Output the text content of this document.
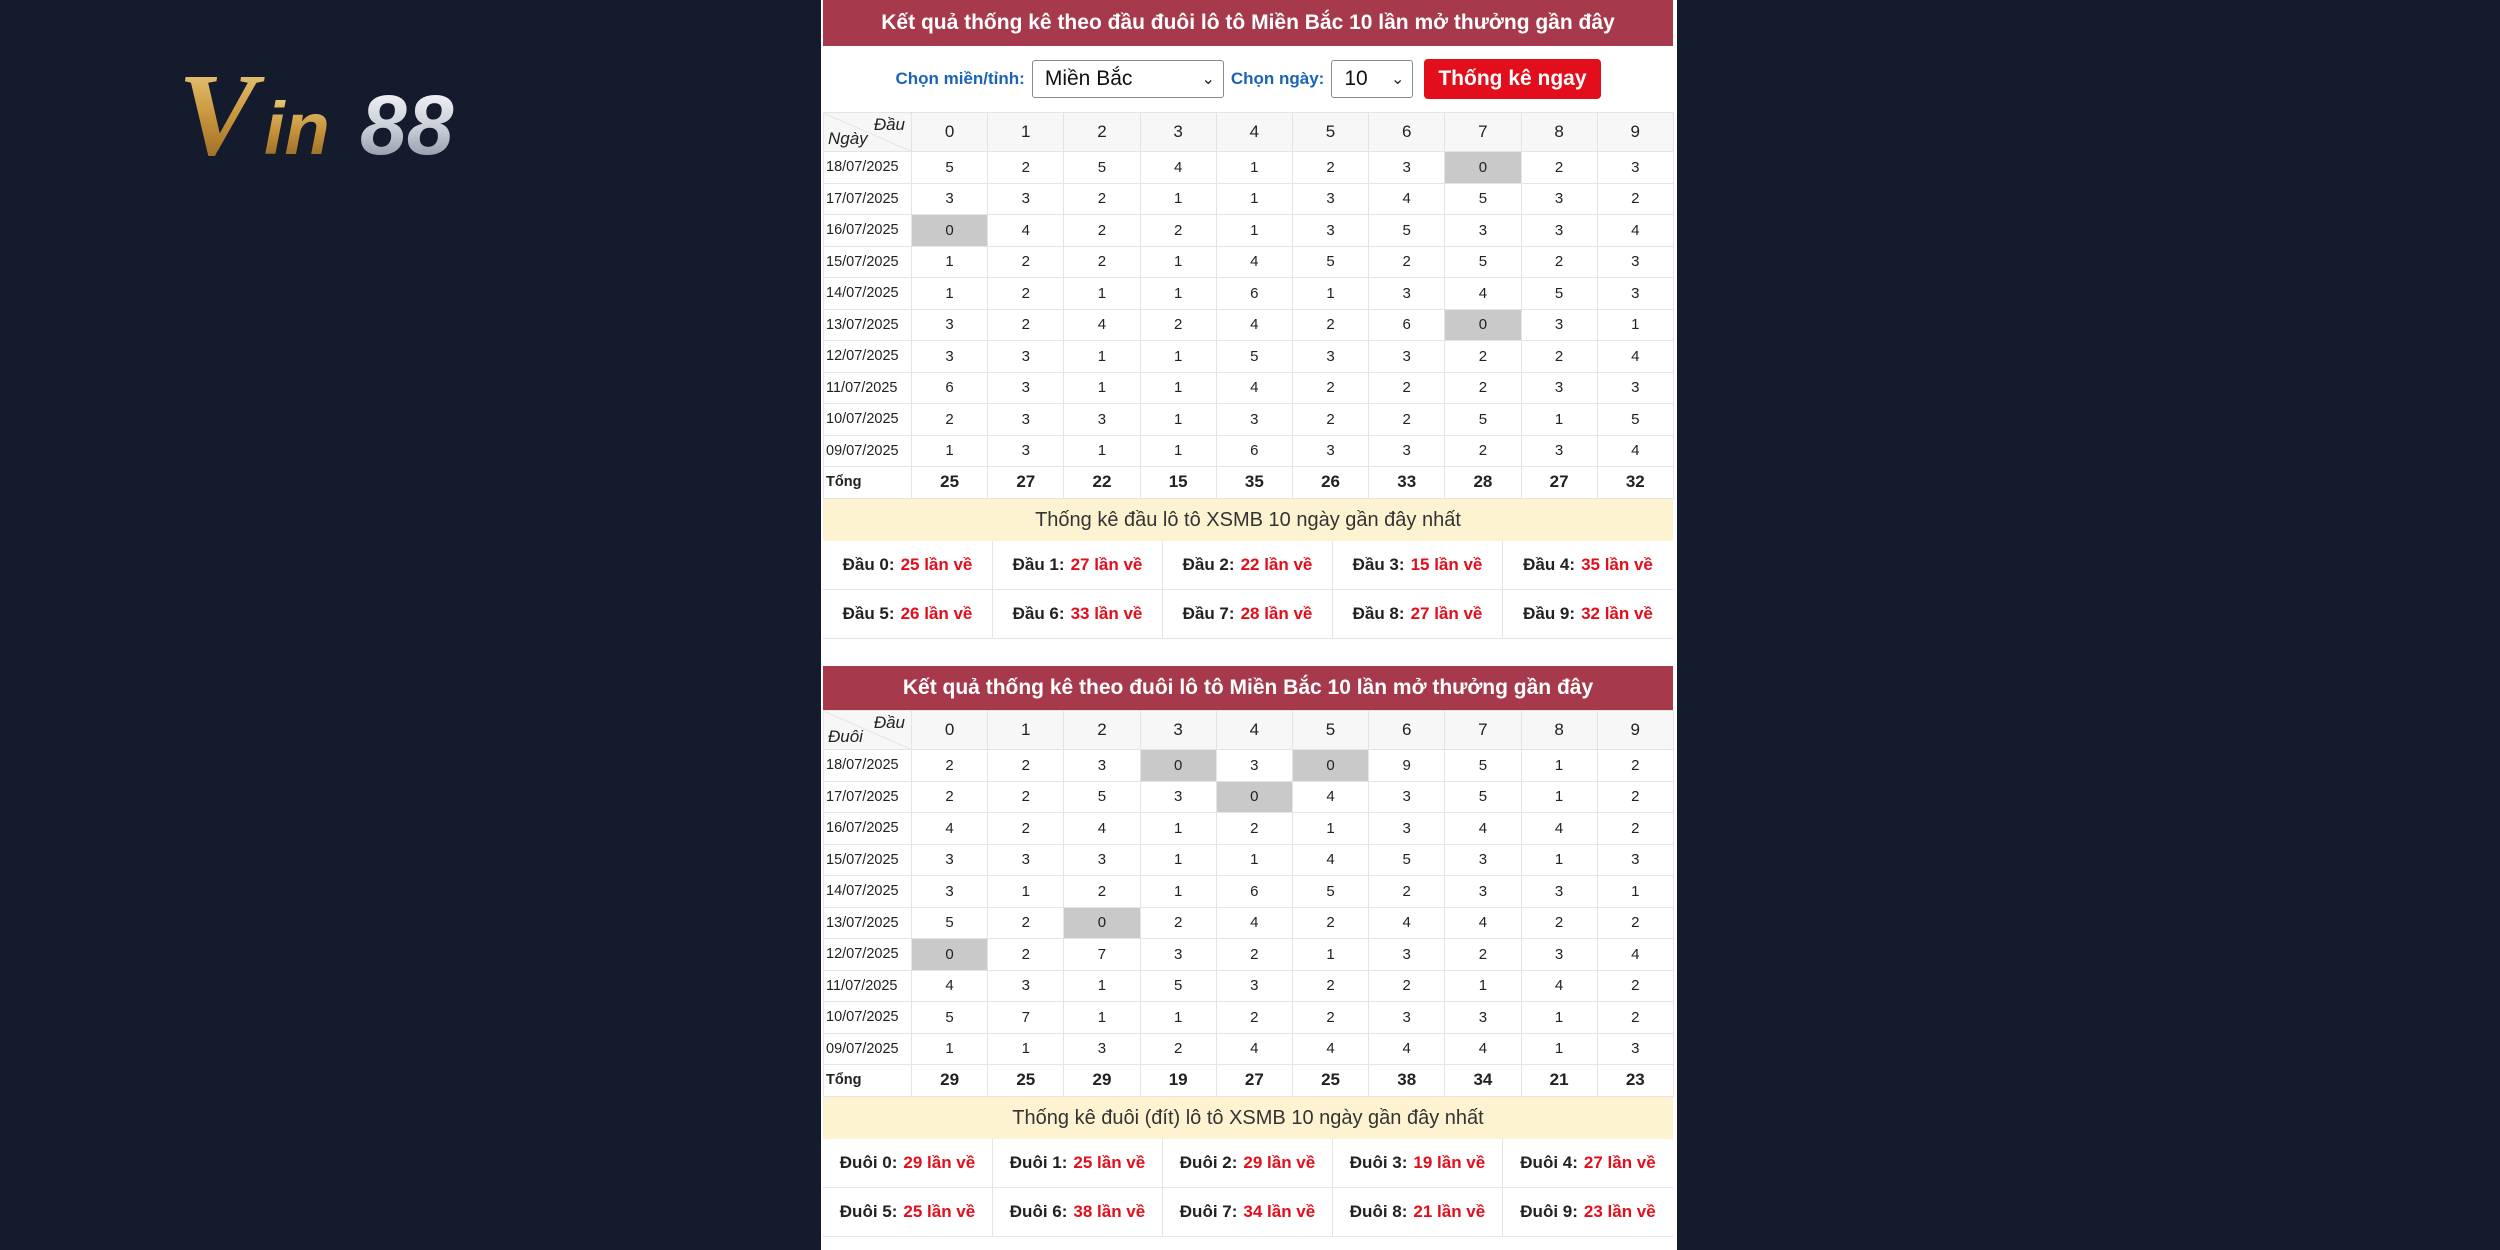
V in 88
Kết quả thống kê theo đầu đuôi lô tô Miền Bắc 10 lần mở thưởng gần đây
Chọn miền/tỉnh: Miền Bắc	⌄ Chọn ngày: 10 ⌄	Thống kê ngay
Đầu
Ngày	0	1	2	3	4	5	6	7	8	9
18/07/2025	5	2	5	4	1	2	3	0	2	3
17/07/2025	3	3	2	1	1	3	4	5	3	2
16/07/2025	0	4	2	2	1	3	5	3	3	4
15/07/2025	1	2	2	1	4	5	2	5	2	3
14/07/2025	1	2	1	1	6	1	3	4	5	3
13/07/2025	3	2	4	2	4	2	6	0	3	1
12/07/2025	3	3	1	1	5	3	3	2	2	4
11/07/2025	6	3	1	1	4	2	2	2	3	3
10/07/2025	2	3	3	1	3	2	2	5	1	5
09/07/2025	1	3	1	1	6	3	3	2	3	4
Tổng	25	27	22	15	35	26	33	28	27	32
Thống kê đầu lô tô XSMB 10 ngày gần đây nhất
Đầu 0: 25 lần về Đầu 1: 27 lần về Đầu 2: 22 lần về Đầu 3: 15 lần về Đầu 4: 35 lần về
Đầu 5: 26 lần về Đầu 6: 33 lần về Đầu 7: 28 lần về Đầu 8: 27 lần về Đầu 9: 32 lần về
Kết quả thống kê theo đuôi lô tô Miền Bắc 10 lần mở thưởng gần đây
Đầu
Đuôi	0	1	2	3	4	5	6	7	8	9
18/07/2025	2	2	3	0	3	0	9	5	1	2
17/07/2025	2	2	5	3	0	4	3	5	1	2
16/07/2025	4	2	4	1	2	1	3	4	4	2
15/07/2025	3	3	3	1	1	4	5	3	1	3
14/07/2025	3	1	2	1	6	5	2	3	3	1
13/07/2025	5	2	0	2	4	2	4	4	2	2
12/07/2025	0	2	7	3	2	1	3	2	3	4
11/07/2025	4	3	1	5	3	2	2	1	4	2
10/07/2025	5	7	1	1	2	2	3	3	1	2
09/07/2025	1	1	3	2	4	4	4	4	1	3
Tổng	29	25	29	19	27	25	38	34	21	23
Thống kê đuôi (đít) lô tô XSMB 10 ngày gần đây nhất
Đuôi 0: 29 lần về Đuôi 1: 25 lần về Đuôi 2: 29 lần về Đuôi 3: 19 lần về Đuôi 4: 27 lần về
Đuôi 5: 25 lần về Đuôi 6: 38 lần về Đuôi 7: 34 lần về Đuôi 8: 21 lần về Đuôi 9: 23 lần về
